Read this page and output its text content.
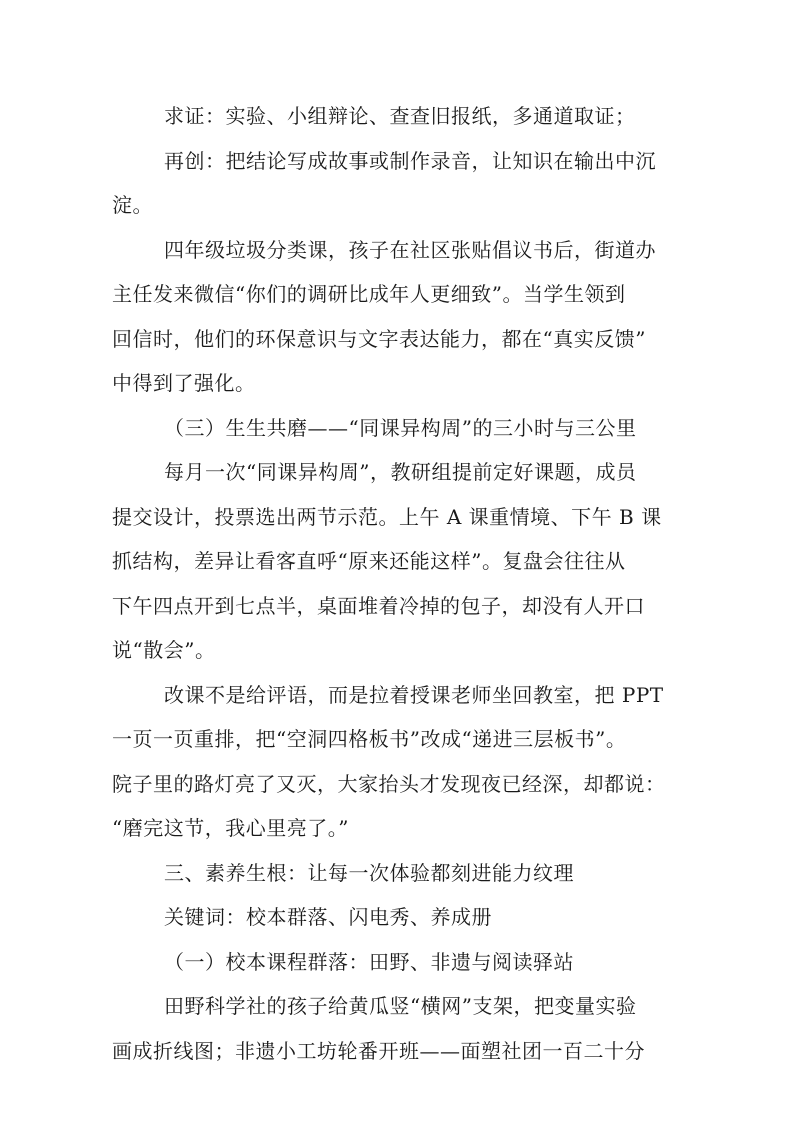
求证：实验、小组辩论、查查旧报纸，多通道取证；

再创：把结论写成故事或制作录音，让知识在输出中沉

淀。

四年级垃圾分类课，孩子在社区张贴倡议书后，街道办

主任发来微信“你们的调研比成年人更细致”。当学生领到

回信时，他们的环保意识与文字表达能力，都在“真实反馈”

中得到了强化。

（三）生生共磨——“同课异构周”的三小时与三公里

每月一次“同课异构周”，教研组提前定好课题，成员

提交设计，投票选出两节示范。上午 A 课重情境、下午 B 课

抓结构，差异让看客直呼“原来还能这样”。复盘会往往从

下午四点开到七点半，桌面堆着冷掉的包子，却没有人开口

说“散会”。

改课不是给评语，而是拉着授课老师坐回教室，把 PPT

一页一页重排，把“空洞四格板书”改成“递进三层板书”。

院子里的路灯亮了又灭，大家抬头才发现夜已经深，却都说：

“磨完这节，我心里亮了。”

三、素养生根：让每一次体验都刻进能力纹理

关键词：校本群落、闪电秀、养成册

（一）校本课程群落：田野、非遗与阅读驿站

田野科学社的孩子给黄瓜竖“横网”支架，把变量实验

画成折线图；非遗小工坊轮番开班——面塑社团一百二十分
